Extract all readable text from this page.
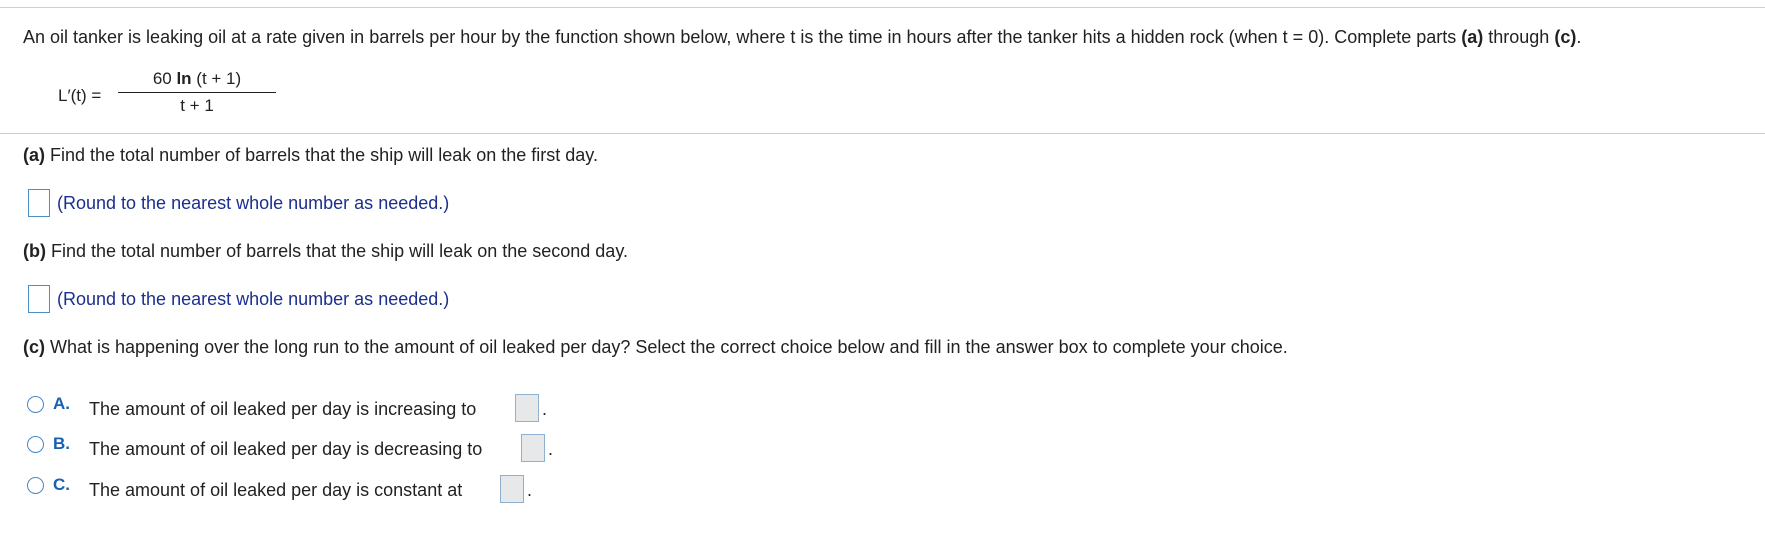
An oil tanker is leaking oil at a rate given in barrels per hour by the function shown below, where t is the time in hours after the tanker hits a hidden rock (when t = 0). Complete parts (a) through (c).
L′(t) =
60 ln (t + 1)
t + 1
(a) Find the total number of barrels that the ship will leak on the first day.
(Round to the nearest whole number as needed.)
(b) Find the total number of barrels that the ship will leak on the second day.
(Round to the nearest whole number as needed.)
(c) What is happening over the long run to the amount of oil leaked per day? Select the correct choice below and fill in the answer box to complete your choice.
A. The amount of oil leaked per day is increasing to	.
B. The amount of oil leaked per day is decreasing to	.
C. The amount of oil leaked per day is constant at	.
